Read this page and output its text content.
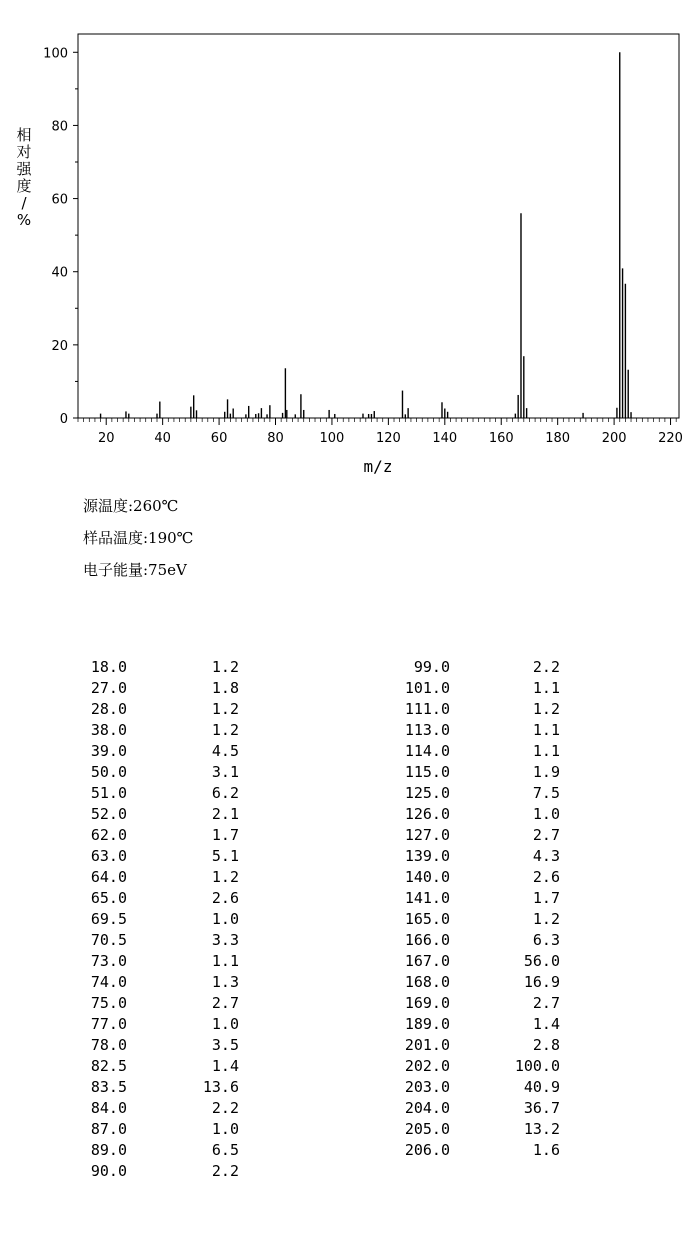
0
20
40
60
80
100
20	40	60	80	100 120 140 160 180 200 220
相对强度/ %
m/z
源温度:260℃
样品温度:190℃
电子能量:75eV
18.0	1.2
27.0	1.8
28.0	1.2
38.0	1.2
39.0	4.5
50.0	3.1
51.0	6.2
52.0	2.1
62.0	1.7
63.0	5.1
64.0	1.2
65.0	2.6
69.5	1.0
70.5	3.3
73.0	1.1
74.0	1.3
75.0	2.7
77.0	1.0
78.0	3.5
82.5	1.4
83.5	13.6
84.0	2.2
87.0	1.0
89.0	6.5
90.0	2.2
99.0	2.2
101.0	1.1
111.0	1.2
113.0	1.1
114.0	1.1
115.0	1.9
125.0	7.5
126.0	1.0
127.0	2.7
139.0	4.3
140.0	2.6
141.0	1.7
165.0	1.2
166.0	6.3
167.0	56.0
168.0	16.9
169.0	2.7
189.0	1.4
201.0	2.8
202.0	100.0
203.0	40.9
204.0	36.7
205.0	13.2
206.0	1.6
